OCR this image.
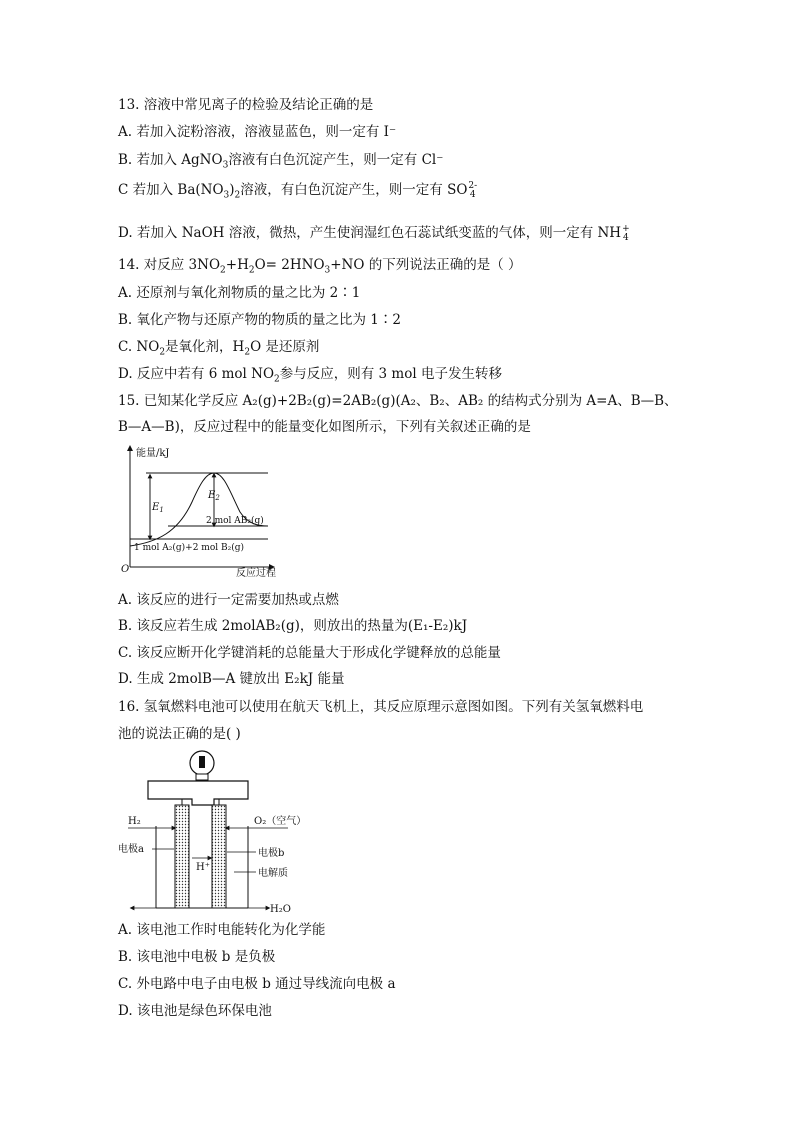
13. 溶液中常见离子的检验及结论正确的是
A. 若加入淀粉溶液，溶液显蓝色，则一定有 I⁻
B. 若加入 AgNO$_3$溶液有白色沉淀产生，则一定有 Cl⁻
C 若加入 $Ba(NO_3)_2$溶液，有白色沉淀产生，则一定有 SO 2-
4
D. 若加入 NaOH 溶液，微热，产生使润湿红色石蕊试纸变蓝的气体，则一定有 NH +
4
14. 对反应 $3NO_2+H_2O= 2HNO_3+NO$ 的下列说法正确的是（ ）
A. 还原剂与氧化剂物质的量之比为 2∶1
B. 氧化产物与还原产物的物质的量之比为 1∶2
C. $NO_2$是氧化剂，$H_2O$ 是还原剂
D. 反应中若有 6 mol $NO_2$参与反应，则有 3 mol 电子发生转移
15. 已知某化学反应 A₂(g)+2B₂(g)=2AB₂(g)(A₂、B₂、AB₂ 的结构式分别为 A=A、B—B、
B—A—B)，反应过程中的能量变化如图所示，下列有关叙述正确的是
能量/kJ
反应过程
O
$E_1$
$E_2$
2 mol AB₂(g)
1 mol A₂(g)+2 mol B₂(g)
A. 该反应的进行一定需要加热或点燃
B. 该反应若生成 2molAB₂(g)，则放出的热量为(E₁-E₂)kJ
C. 该反应断开化学键消耗的总能量大于形成化学键释放的总能量
D. 生成 2molB—A 键放出 E₂kJ 能量
16. 氢氧燃料电池可以使用在航天飞机上，其反应原理示意图如图。下列有关氢氧燃料电
池的说法正确的是( )
H₂	O₂（空气）
电极a
H⁺
电极b
电解质
H₂O
A. 该电池工作时电能转化为化学能
B. 该电池中电极 b 是负极
C. 外电路中电子由电极 b 通过导线流向电极 a
D. 该电池是绿色环保电池
